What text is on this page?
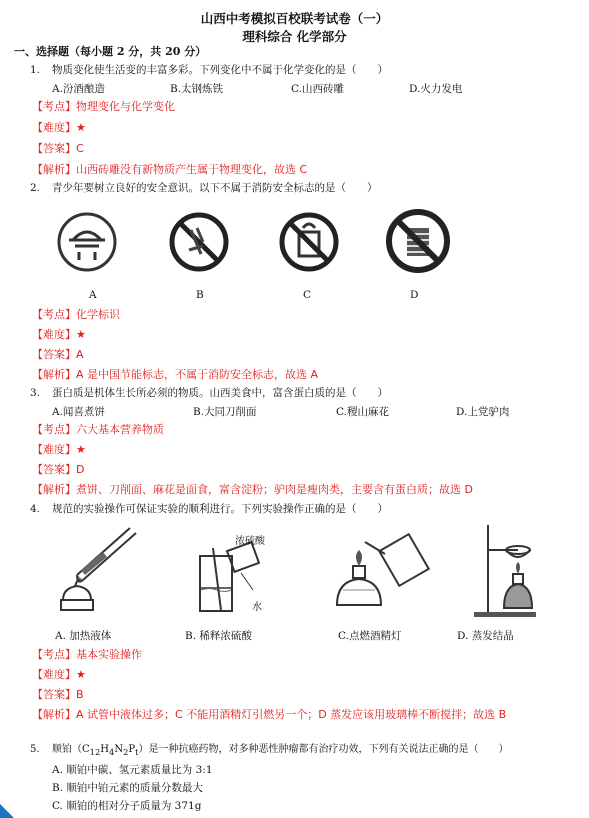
山西中考模拟百校联考试卷（一）
理科综合 化学部分
一、选择题（每小题 2 分，共 20 分）
1. 物质变化使生活变的丰富多彩。下列变化中不属于化学变化的是（　　）
A.汾酒酿造	B.太钢炼铁	C.山西砖雕	D.火力发电
【考点】物理变化与化学变化
【难度】★
【答案】C
【解析】山西砖雕没有新物质产生属于物理变化，故选 C
2. 青少年要树立良好的安全意识。以下不属于消防安全标志的是（　　）
A	B	C	D
【考点】化学标识
【难度】★
【答案】A
【解析】A 是中国节能标志，不属于消防安全标志，故选 A
3. 蛋白质是机体生长所必须的物质。山西美食中，富含蛋白质的是（　　）
A.闻喜煮饼	B.大同刀削面	C.稷山麻花	D.上党驴肉
【考点】六大基本营养物质
【难度】★
【答案】D
【解析】煮饼、刀削面、麻花是面食，富含淀粉；驴肉是瘦肉类，主要含有蛋白质；故选 D
4. 规范的实验操作可保证实验的顺利进行。下列实验操作正确的是（　　）
浓硫酸
水
A. 加热液体	B. 稀释浓硫酸	C.点燃酒精灯	D. 蒸发结晶
【考点】基本实验操作
【难度】★
【答案】B
【解析】A 试管中液体过多；C 不能用酒精灯引燃另一个；D 蒸发应该用玻璃棒不断搅拌；故选 B
5. 顺铂$(C_{12}H_4N_2P_t)$是一种抗癌药物，对多种恶性肿瘤都有治疗功效，下列有关说法正确的是（　　）
A. 顺铂中碳、氢元素质量比为 3:1
B. 顺铂中铂元素的质量分数最大
C. 顺铂的相对分子质量为 371g
